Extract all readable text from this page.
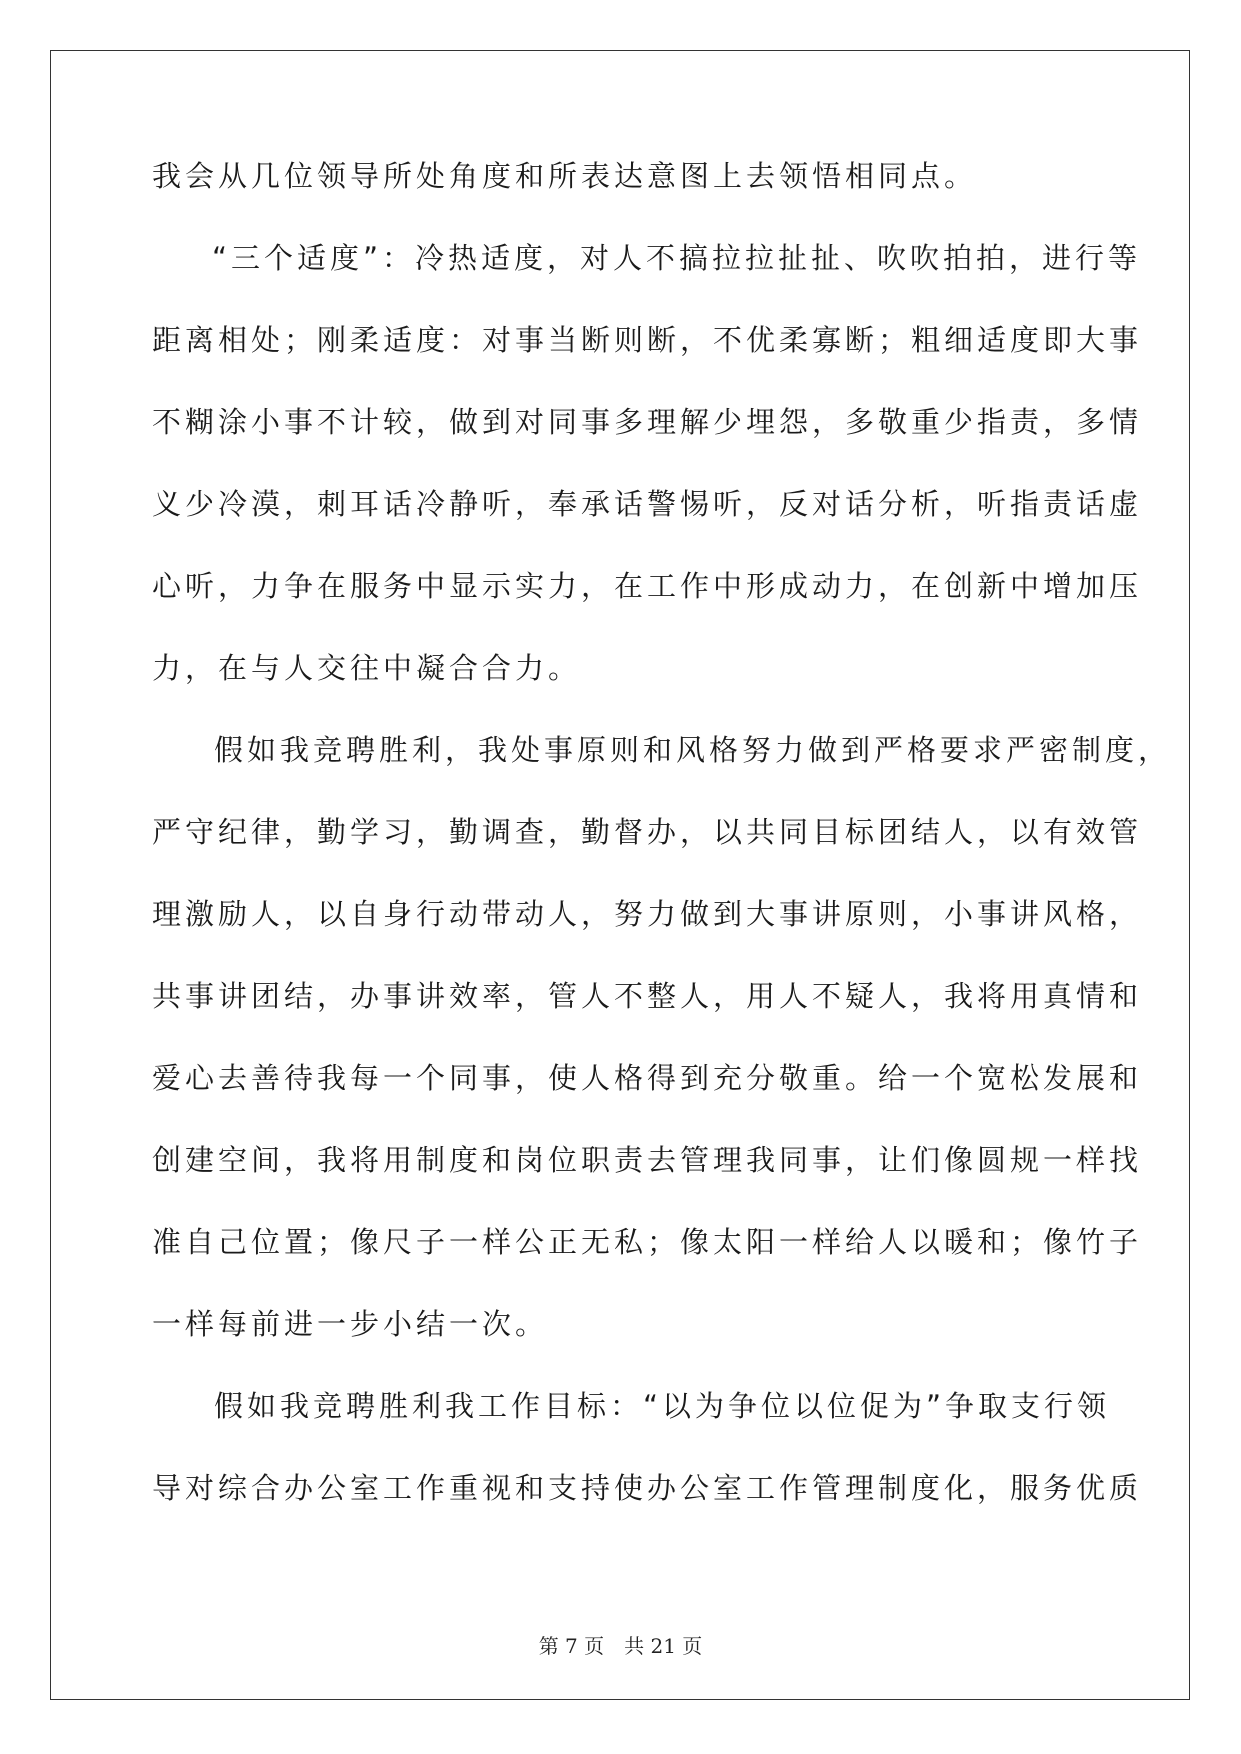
我会从几位领导所处角度和所表达意图上去领悟相同点。
“三个适度”：冷热适度，对人不搞拉拉扯扯、吹吹拍拍，进行等
距离相处；刚柔适度：对事当断则断，不优柔寡断；粗细适度即大事
不糊涂小事不计较，做到对同事多理解少埋怨，多敬重少指责，多情
义少冷漠，刺耳话冷静听，奉承话警惕听，反对话分析，听指责话虚
心听，力争在服务中显示实力，在工作中形成动力，在创新中增加压
力，在与人交往中凝合合力。
假如我竞聘胜利，我处事原则和风格努力做到严格要求严密制度，
严守纪律，勤学习，勤调查，勤督办，以共同目标团结人，以有效管
理激励人，以自身行动带动人，努力做到大事讲原则，小事讲风格，
共事讲团结，办事讲效率，管人不整人，用人不疑人，我将用真情和
爱心去善待我每一个同事，使人格得到充分敬重。给一个宽松发展和
创建空间，我将用制度和岗位职责去管理我同事，让们像圆规一样找
准自己位置；像尺子一样公正无私；像太阳一样给人以暖和；像竹子
一样每前进一步小结一次。
假如我竞聘胜利我工作目标：“以为争位以位促为”争取支行领
导对综合办公室工作重视和支持使办公室工作管理制度化，服务优质
第 7 页 共 21 页
